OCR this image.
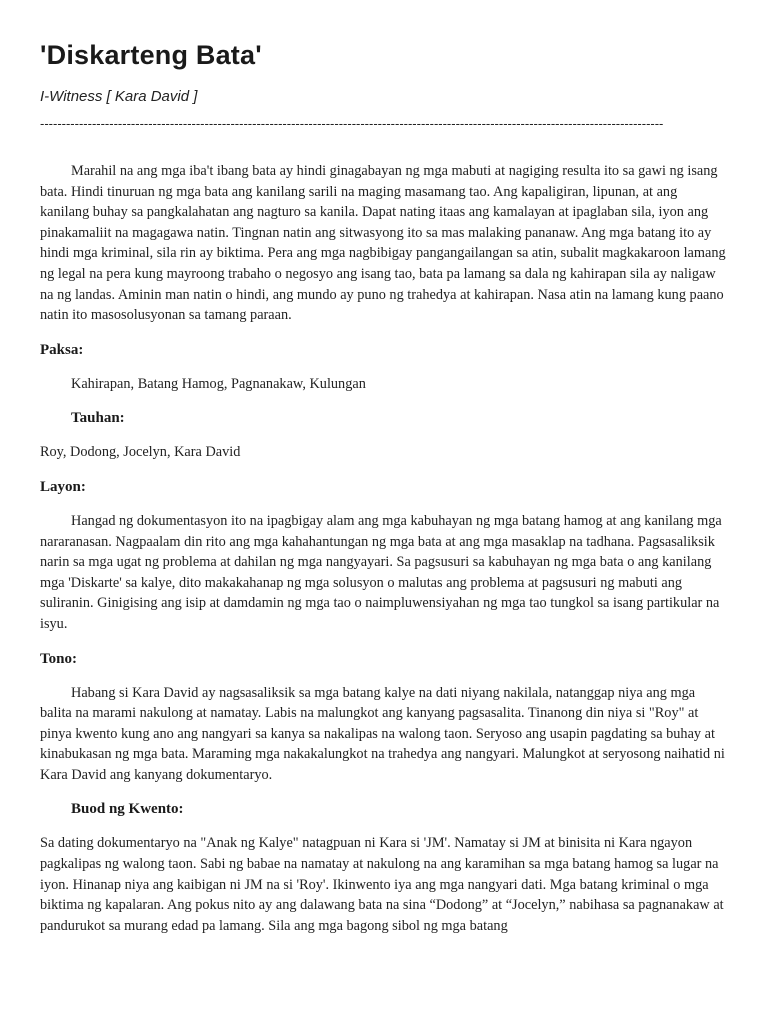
'Diskarteng Bata'
I-Witness [ Kara David ]
------------------------------------------------------------------------------------------------------------------------------------------------

Marahil na ang mga iba't ibang bata ay hindi ginagabayan ng mga mabuti at nagiging resulta ito sa gawi ng isang bata. Hindi tinuruan ng mga bata ang kanilang sarili na maging masamang tao. Ang kapaligiran, lipunan, at ang kanilang buhay sa pangkalahatan ang nagturo sa kanila. Dapat nating itaas ang kamalayan at ipaglaban sila, iyon ang pinakamaliit na magagawa natin. Tingnan natin ang sitwasyong ito sa mas malaking pananaw. Ang mga batang ito ay hindi mga kriminal, sila rin ay biktima. Pera ang mga nagbibigay pangangailangan sa atin, subalit magkakaroon lamang ng legal na pera kung mayroong trabaho o negosyo ang isang tao, bata pa lamang sa dala ng kahirapan sila ay naligaw na ng landas. Aminin man natin o hindi, ang mundo ay puno ng trahedya at kahirapan. Nasa atin na lamang kung paano natin ito masosolusyonan sa tamang paraan.

Paksa:

Kahirapan, Batang Hamog, Pagnanakaw, Kulungan

Tauhan:

Roy, Dodong, Jocelyn, Kara David

Layon:

Hangad ng dokumentasyon ito na ipagbigay alam ang mga kabuhayan ng mga batang hamog at ang kanilang mga nararanasan. Nagpaalam din rito ang mga kahahantungan ng mga bata at ang mga masaklap na tadhana. Pagsasaliksik narin sa mga ugat ng problema at dahilan ng mga nangyayari. Sa pagsusuri sa kabuhayan ng mga bata o ang kanilang mga 'Diskarte' sa kalye, dito makakahanap ng mga solusyon o malutas ang problema at pagsusuri ng mabuti ang suliranin. Ginigising ang isip at damdamin ng mga tao o naimpluwensiyahan ng mga tao tungkol sa isang partikular na isyu.

Tono:

Habang si Kara David ay nagsasaliksik sa mga batang kalye na dati niyang nakilala, natanggap niya ang mga balita na marami nakulong at namatay. Labis na malungkot ang kanyang pagsasalita. Tinanong din niya si "Roy" at pinya kwento kung ano ang nangyari sa kanya sa nakalipas na walong taon. Seryoso ang usapin pagdating sa buhay at kinabukasan ng mga bata. Maraming mga nakakalungkot na trahedya ang nangyari. Malungkot at seryosong naihatid ni Kara David ang kanyang dokumentaryo.

Buod ng Kwento:

Sa dating dokumentaryo na "Anak ng Kalye" natagpuan ni Kara si 'JM'. Namatay si JM at binisita ni Kara ngayon pagkalipas ng walong taon. Sabi ng babae na namatay at nakulong na ang karamihan sa mga batang hamog sa lugar na iyon. Hinanap niya ang kaibigan ni JM na si 'Roy'. Ikinwento iya ang mga nangyari dati. Mga batang kriminal o mga biktima ng kapalaran. Ang pokus nito ay ang dalawang bata na sina “Dodong” at “Jocelyn,” nabihasa sa pagnanakaw at pandurukot sa murang edad pa lamang. Sila ang mga bagong sibol ng mga batang
